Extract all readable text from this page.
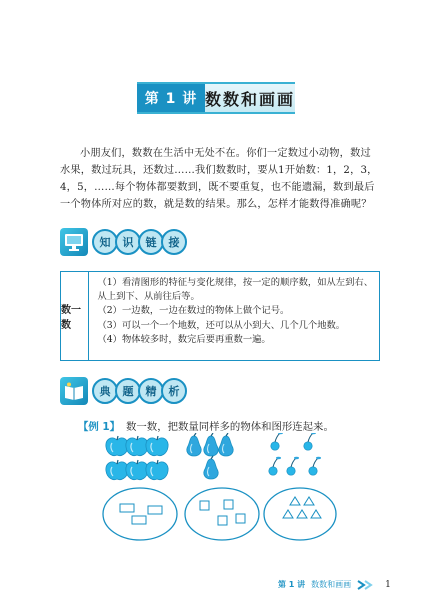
第 1 讲 数数和画画
小朋友们，数数在生活中无处不在。你们一定数过小动物，数过水果，数过玩具，还数过……我们数数时，要从1开始数：1，2，3，4，5，……每个物体都要数到，既不要重复，也不能遗漏，数到最后一个物体所对应的数，就是数的结果。那么，怎样才能数得准确呢？
知	识	链	接
数一数
（1）看清图形的特征与变化规律，按一定的顺序数，如从左到右、
从上到下、从前往后等。
（2）一边数，一边在数过的物体上做个记号。
（3）可以一个一个地数，还可以从小到大、几个几个地数。
（4）物体较多时，数完后要再重数一遍。
典	题	精	析
【例 1】 数一数，把数量同样多的物体和图形连起来。
第 1 讲 数数和画画	1
